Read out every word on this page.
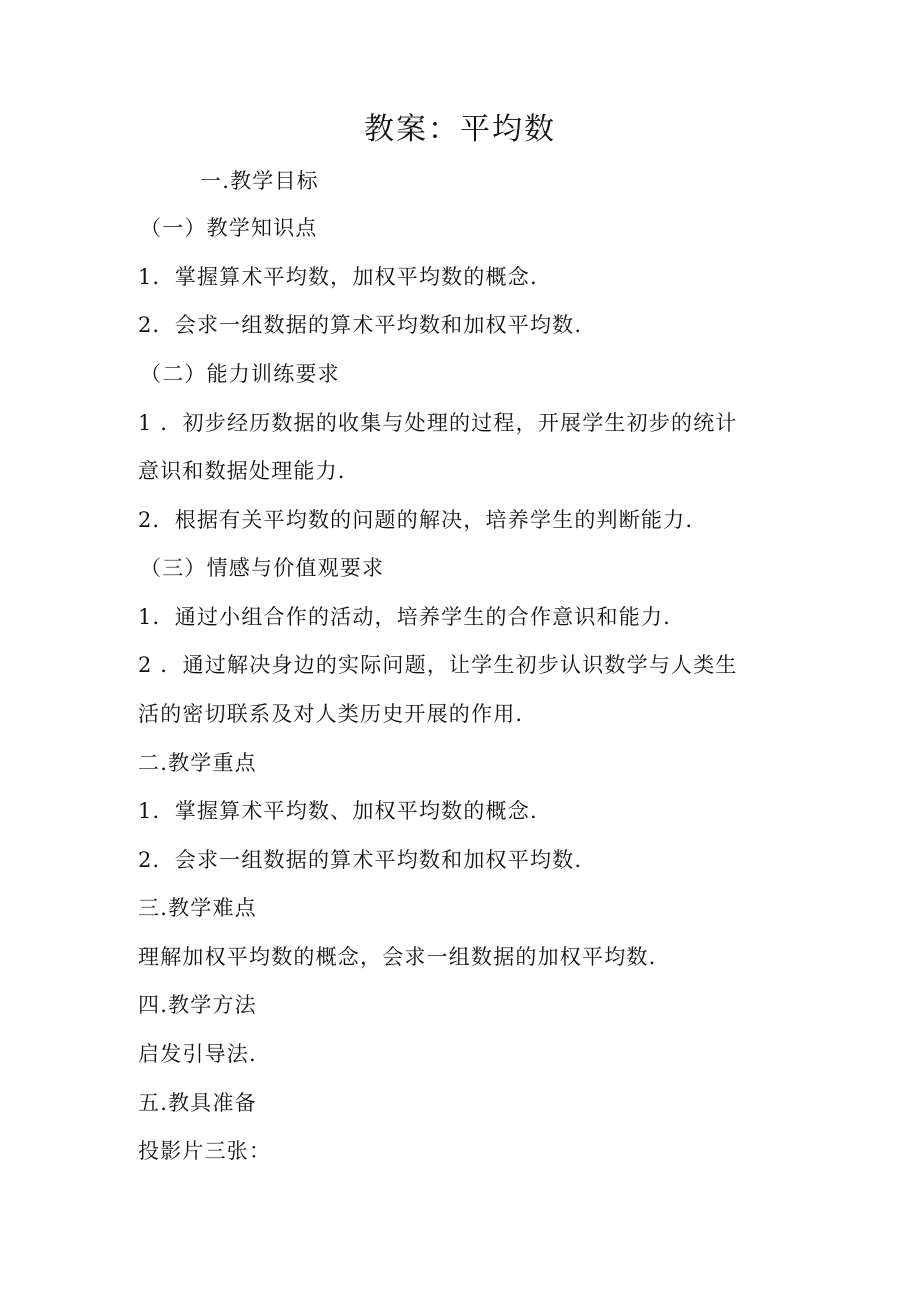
教案：平均数
一.教学目标
（一）教学知识点
1．掌握算术平均数，加权平均数的概念.
2．会求一组数据的算术平均数和加权平均数.
（二）能力训练要求
1 ．初步经历数据的收集与处理的过程，开展学生初步的统计
意识和数据处理能力.
2．根据有关平均数的问题的解决，培养学生的判断能力.
（三）情感与价值观要求
1．通过小组合作的活动，培养学生的合作意识和能力.
2 ．通过解决身边的实际问题，让学生初步认识数学与人类生
活的密切联系及对人类历史开展的作用.
二.教学重点
1．掌握算术平均数、加权平均数的概念.
2．会求一组数据的算术平均数和加权平均数.
三.教学难点
理解加权平均数的概念，会求一组数据的加权平均数.
四.教学方法
启发引导法.
五.教具准备
投影片三张：
